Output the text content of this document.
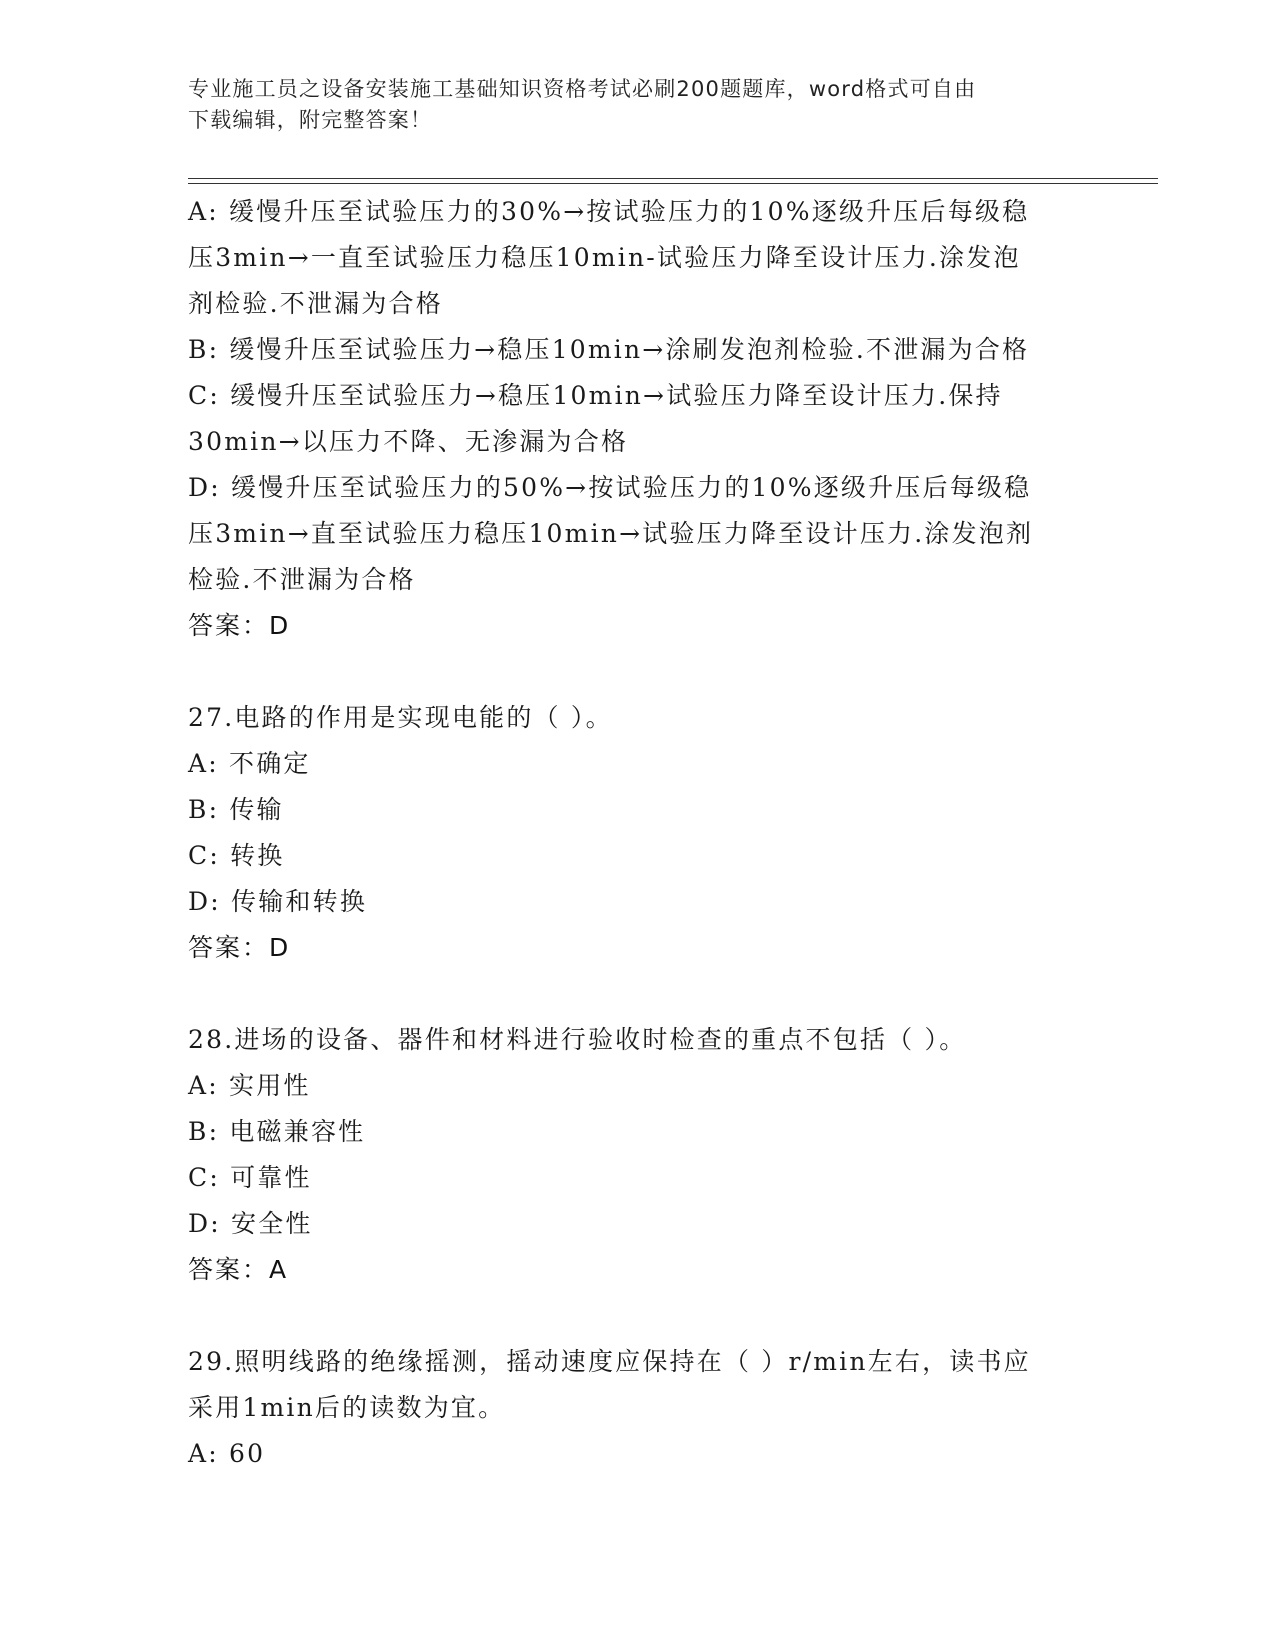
专业施工员之设备安装施工基础知识资格考试必刷200题题库，word格式可自由
下载编辑，附完整答案！
A: 缓慢升压至试验压力的30%→按试验压力的10%逐级升压后每级稳
压3min→一直至试验压力稳压10min-试验压力降至设计压力.涂发泡
剂检验.不泄漏为合格
B: 缓慢升压至试验压力→稳压10min→涂刷发泡剂检验.不泄漏为合格
C: 缓慢升压至试验压力→稳压10min→试验压力降至设计压力.保持
30min→以压力不降、无渗漏为合格
D: 缓慢升压至试验压力的50%→按试验压力的10%逐级升压后每级稳
压3min→直至试验压力稳压10min→试验压力降至设计压力.涂发泡剂
检验.不泄漏为合格
答案：D
27.电路的作用是实现电能的（ ）。
A: 不确定
B: 传输
C: 转换
D: 传输和转换
答案：D
28.进场的设备、器件和材料进行验收时检查的重点不包括（ ）。
A: 实用性
B: 电磁兼容性
C: 可靠性
D: 安全性
答案：A
29.照明线路的绝缘摇测，摇动速度应保持在（ ）r/min左右，读书应
采用1min后的读数为宜。
A: 60
